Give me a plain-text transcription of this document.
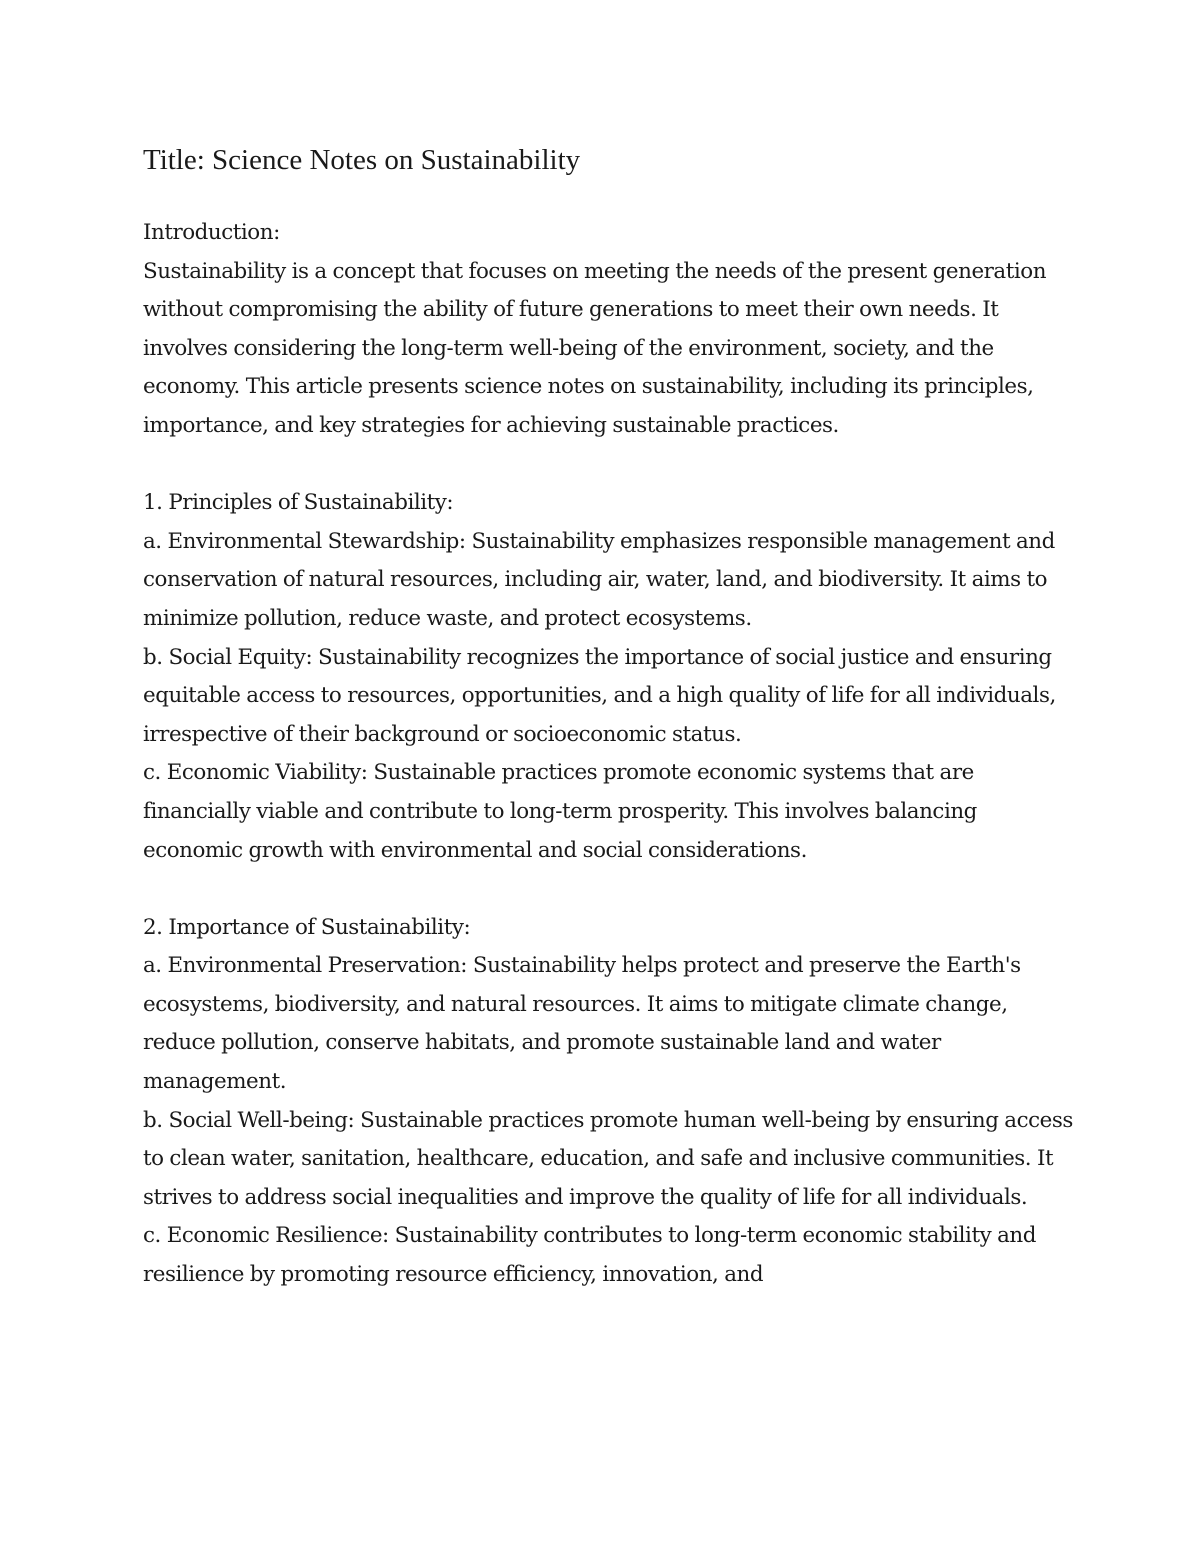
Title: Science Notes on Sustainability

Introduction:

Sustainability is a concept that focuses on meeting the needs of the present generation without compromising the ability of future generations to meet their own needs. It involves considering the long-term well-being of the environment, society, and the economy. This article presents science notes on sustainability, including its principles, importance, and key strategies for achieving sustainable practices.

1. Principles of Sustainability:

a. Environmental Stewardship: Sustainability emphasizes responsible management and conservation of natural resources, including air, water, land, and biodiversity. It aims to minimize pollution, reduce waste, and protect ecosystems.

b. Social Equity: Sustainability recognizes the importance of social justice and ensuring equitable access to resources, opportunities, and a high quality of life for all individuals, irrespective of their background or socioeconomic status.

c. Economic Viability: Sustainable practices promote economic systems that are financially viable and contribute to long-term prosperity. This involves balancing economic growth with environmental and social considerations.

2. Importance of Sustainability:

a. Environmental Preservation: Sustainability helps protect and preserve the Earth's ecosystems, biodiversity, and natural resources. It aims to mitigate climate change, reduce pollution, conserve habitats, and promote sustainable land and water management.

b. Social Well-being: Sustainable practices promote human well-being by ensuring access to clean water, sanitation, healthcare, education, and safe and inclusive communities. It strives to address social inequalities and improve the quality of life for all individuals.

c. Economic Resilience: Sustainability contributes to long-term economic stability and resilience by promoting resource efficiency, innovation, and
